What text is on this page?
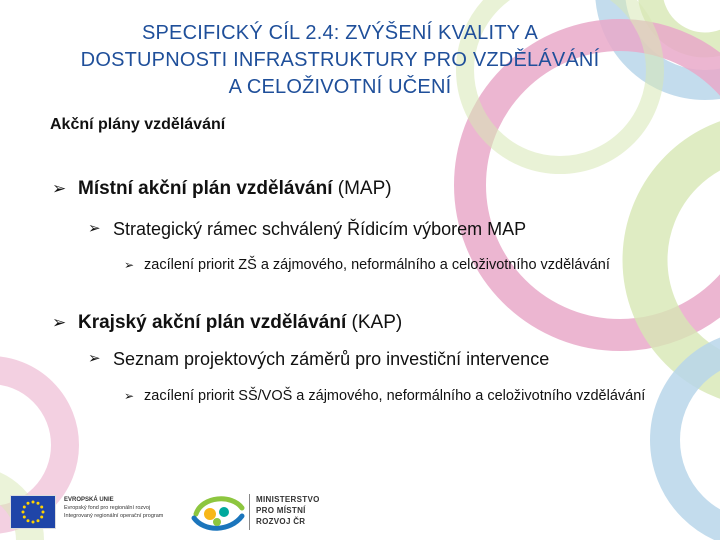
SPECIFICKÝ CÍL 2.4: ZVÝŠENÍ KVALITY A
DOSTUPNOSTI INFRASTRUKTURY PRO VZDĚLÁVÁNÍ
A CELOŽIVOTNÍ UČENÍ
Akční plány vzdělávání
➢ Místní akční plán vzdělávání (MAP)
➢ Strategický rámec schválený Řídicím výborem MAP
➢ zacílení priorit ZŠ a zájmového, neformálního a celoživotního vzdělávání
➢ Krajský akční plán vzdělávání (KAP)
➢ Seznam projektových záměrů pro investiční intervence
➢ zacílení priorit SŠ/VOŠ a zájmového, neformálního a celoživotního vzdělávání
EVROPSKÁ UNIE
Evropský fond pro regionální rozvoj
Integrovaný regionální operační program
MINISTERSTVO
PRO MÍSTNÍ
ROZVOJ ČR
